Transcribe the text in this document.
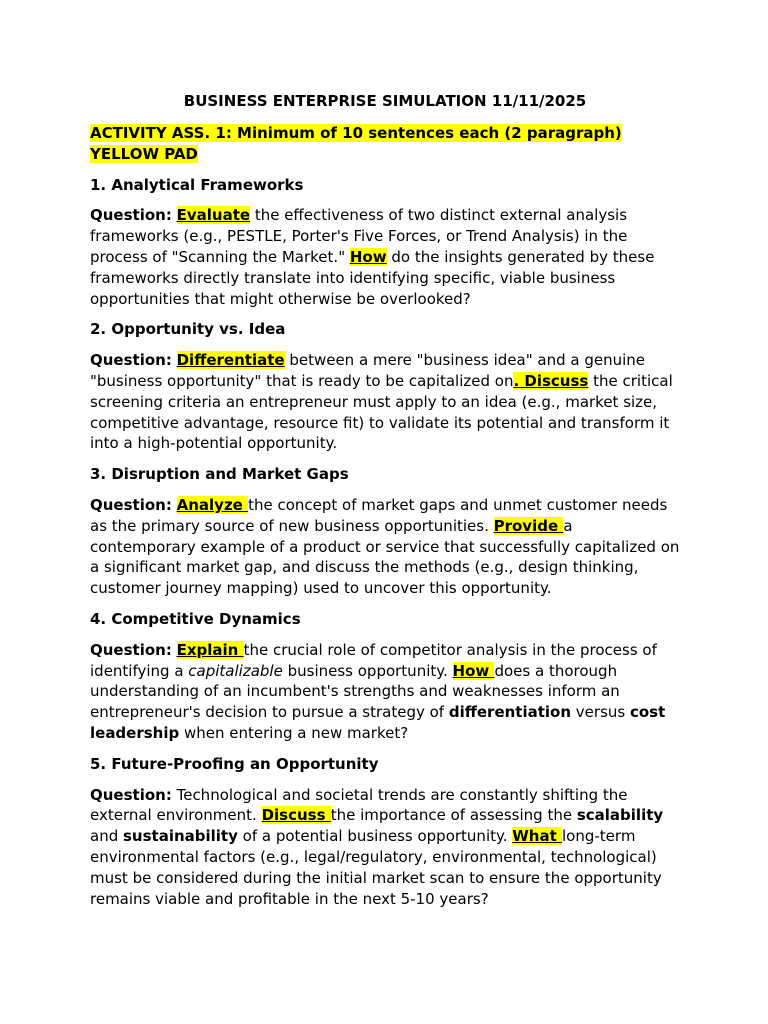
BUSINESS ENTERPRISE SIMULATION 11/11/2025
ACTIVITY ASS. 1: Minimum of 10 sentences each (2 paragraph)
YELLOW PAD
1. Analytical Frameworks
Question: Evaluate the effectiveness of two distinct external analysis frameworks (e.g., PESTLE, Porter's Five Forces, or Trend Analysis) in the process of "Scanning the Market." How do the insights generated by these frameworks directly translate into identifying specific, viable business opportunities that might otherwise be overlooked?
2. Opportunity vs. Idea
Question: Differentiate between a mere "business idea" and a genuine "business opportunity" that is ready to be capitalized on. Discuss the critical screening criteria an entrepreneur must apply to an idea (e.g., market size, competitive advantage, resource fit) to validate its potential and transform it into a high-potential opportunity.
3. Disruption and Market Gaps
Question: Analyze the concept of market gaps and unmet customer needs as the primary source of new business opportunities. Provide a contemporary example of a product or service that successfully capitalized on a significant market gap, and discuss the methods (e.g., design thinking, customer journey mapping) used to uncover this opportunity.
4. Competitive Dynamics
Question: Explain the crucial role of competitor analysis in the process of identifying a capitalizable business opportunity. How does a thorough understanding of an incumbent's strengths and weaknesses inform an entrepreneur's decision to pursue a strategy of differentiation versus cost leadership when entering a new market?
5. Future-Proofing an Opportunity
Question: Technological and societal trends are constantly shifting the external environment. Discuss the importance of assessing the scalability and sustainability of a potential business opportunity. What long-term environmental factors (e.g., legal/regulatory, environmental, technological) must be considered during the initial market scan to ensure the opportunity remains viable and profitable in the next 5-10 years?
